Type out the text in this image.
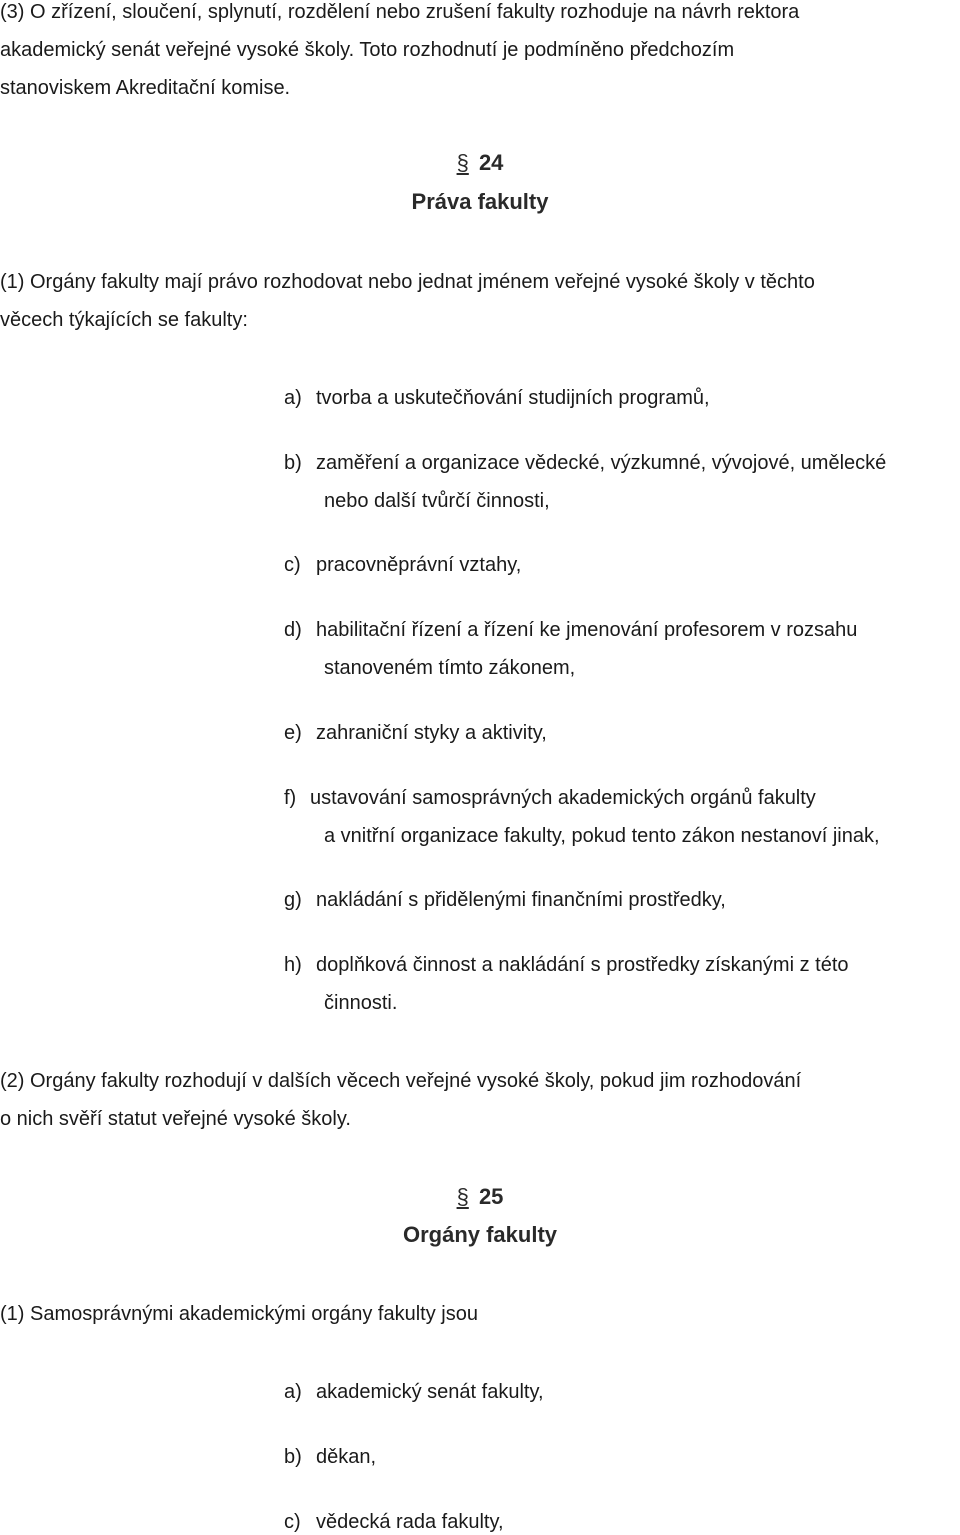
(3) O zřízení, sloučení, splynutí, rozdělení nebo zrušení fakulty rozhoduje na návrh rektora
akademický senát veřejné vysoké školy. Toto rozhodnutí je podmíněno předchozím
stanoviskem Akreditační komise.
§ 24
Práva fakulty
(1) Orgány fakulty mají právo rozhodovat nebo jednat jménem veřejné vysoké školy v těchto
věcech týkajících se fakulty:
a) tvorba a uskutečňování studijních programů,
b) zaměření a organizace vědecké, výzkumné, vývojové, umělecké
nebo další tvůrčí činnosti,
c) pracovněprávní vztahy,
d) habilitační řízení a řízení ke jmenování profesorem v rozsahu
stanoveném tímto zákonem,
e) zahraniční styky a aktivity,
f) ustavování samosprávných akademických orgánů fakulty
a vnitřní organizace fakulty, pokud tento zákon nestanoví jinak,
g) nakládání s přidělenými finančními prostředky,
h) doplňková činnost a nakládání s prostředky získanými z této
činnosti.
(2) Orgány fakulty rozhodují v dalších věcech veřejné vysoké školy, pokud jim rozhodování
o nich svěří statut veřejné vysoké školy.
§ 25
Orgány fakulty
(1) Samosprávnými akademickými orgány fakulty jsou
a) akademický senát fakulty,
b) děkan,
c) vědecká rada fakulty,
